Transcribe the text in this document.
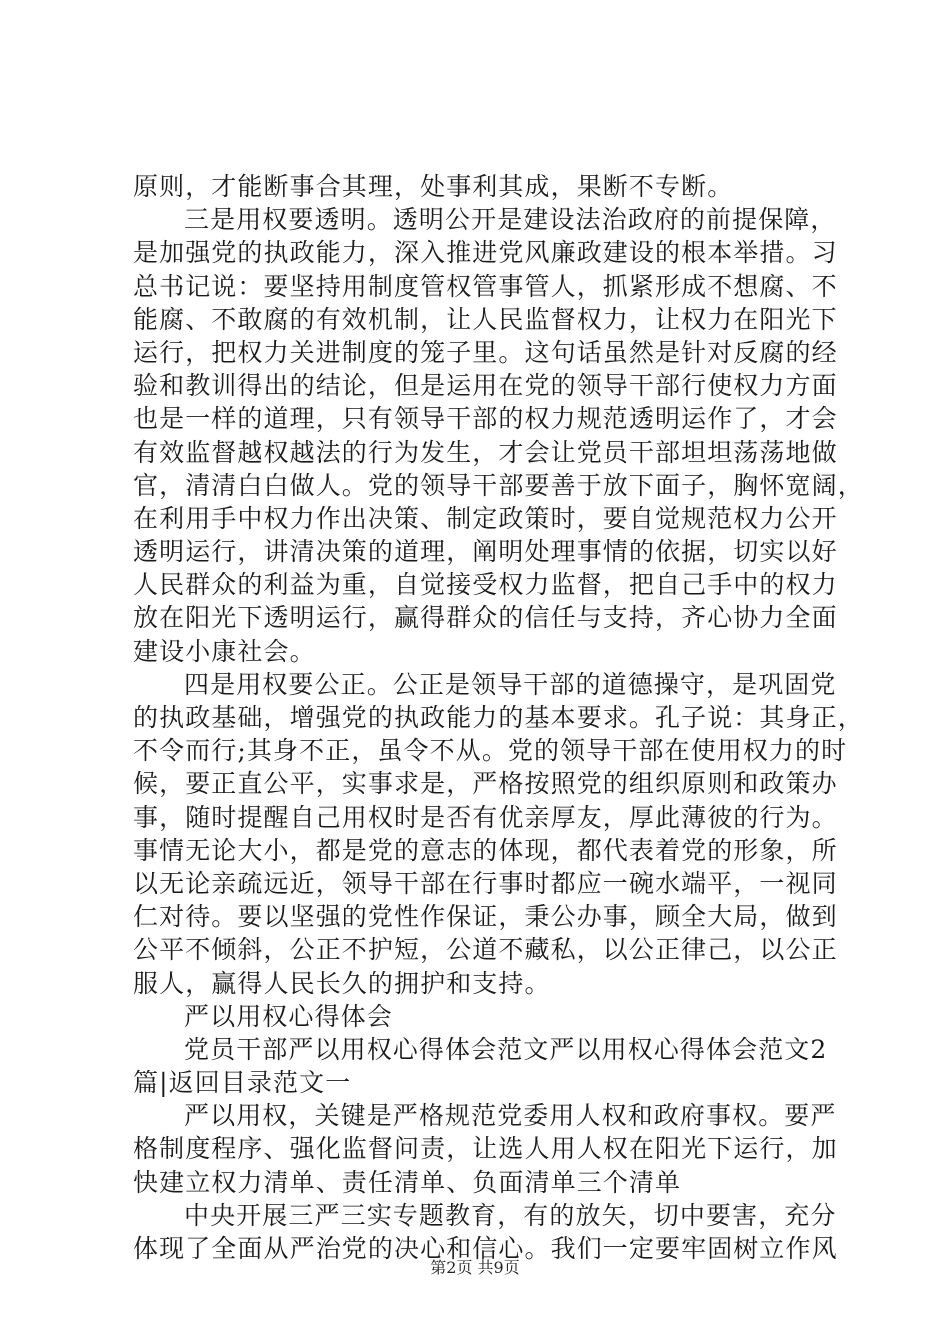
原则，才能断事合其理，处事利其成，果断不专断。
三是用权要透明。透明公开是建设法治政府的前提保障，
是加强党的执政能力，深入推进党风廉政建设的根本举措。习
总书记说：要坚持用制度管权管事管人，抓紧形成不想腐、不
能腐、不敢腐的有效机制，让人民监督权力，让权力在阳光下
运行，把权力关进制度的笼子里。这句话虽然是针对反腐的经
验和教训得出的结论，但是运用在党的领导干部行使权力方面
也是一样的道理，只有领导干部的权力规范透明运作了，才会
有效监督越权越法的行为发生，才会让党员干部坦坦荡荡地做
官，清清白白做人。党的领导干部要善于放下面子，胸怀宽阔，
在利用手中权力作出决策、制定政策时，要自觉规范权力公开
透明运行，讲清决策的道理，阐明处理事情的依据，切实以好
人民群众的利益为重，自觉接受权力监督，把自己手中的权力
放在阳光下透明运行，赢得群众的信任与支持，齐心协力全面
建设小康社会。
四是用权要公正。公正是领导干部的道德操守，是巩固党
的执政基础，增强党的执政能力的基本要求。孔子说：其身正，
不令而行;其身不正，虽令不从。党的领导干部在使用权力的时
候，要正直公平，实事求是，严格按照党的组织原则和政策办
事，随时提醒自己用权时是否有优亲厚友，厚此薄彼的行为。
事情无论大小，都是党的意志的体现，都代表着党的形象，所
以无论亲疏远近，领导干部在行事时都应一碗水端平，一视同
仁对待。要以坚强的党性作保证，秉公办事，顾全大局，做到
公平不倾斜，公正不护短，公道不藏私，以公正律己，以公正
服人，赢得人民长久的拥护和支持。
严以用权心得体会
党员干部严以用权心得体会范文严以用权心得体会范文2
篇|返回目录范文一
严以用权，关键是严格规范党委用人权和政府事权。要严
格制度程序、强化监督问责，让选人用人权在阳光下运行，加
快建立权力清单、责任清单、负面清单三个清单
中央开展三严三实专题教育，有的放矢，切中要害，充分
体现了全面从严治党的决心和信心。我们一定要牢固树立作风
第2页 共9页
